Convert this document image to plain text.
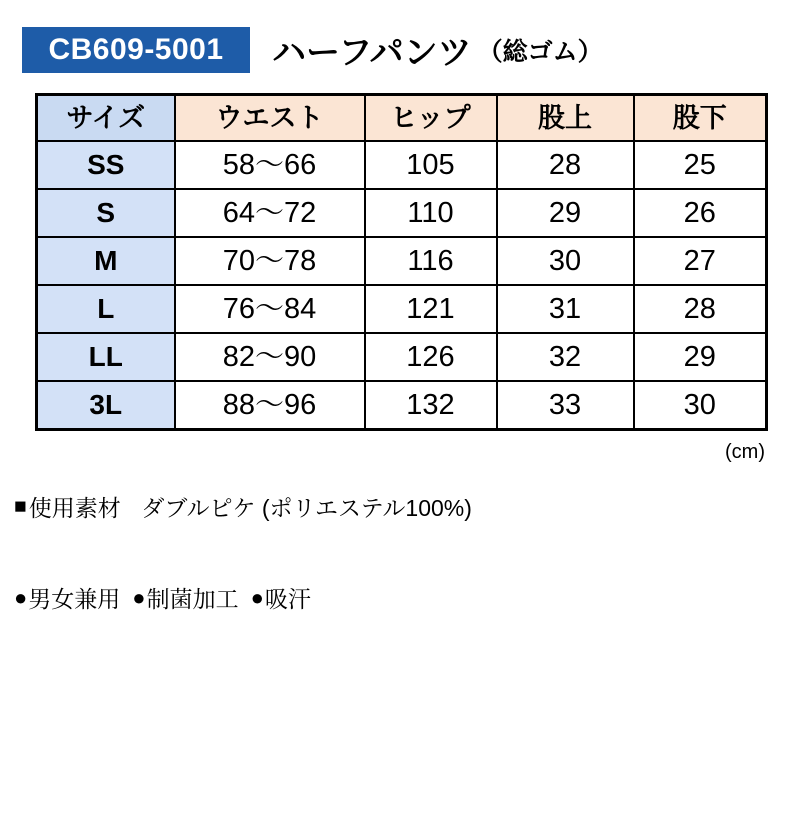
CB609-5001	ハーフパンツ （総ゴム）
サイズ	ウエスト	ヒップ	股上	股下
SS	58～66	105	28	25
S	64～72	110	29	26
M	70～78	116	30	27
L	76～84	121	31	28
LL	82～90	126	32	29
3L	88～96	132	33	30
(cm)
■ 使用素材 ダブルピケ (ポリエステル100%)
● 男女兼用 ● 制菌加工 ● 吸汗
